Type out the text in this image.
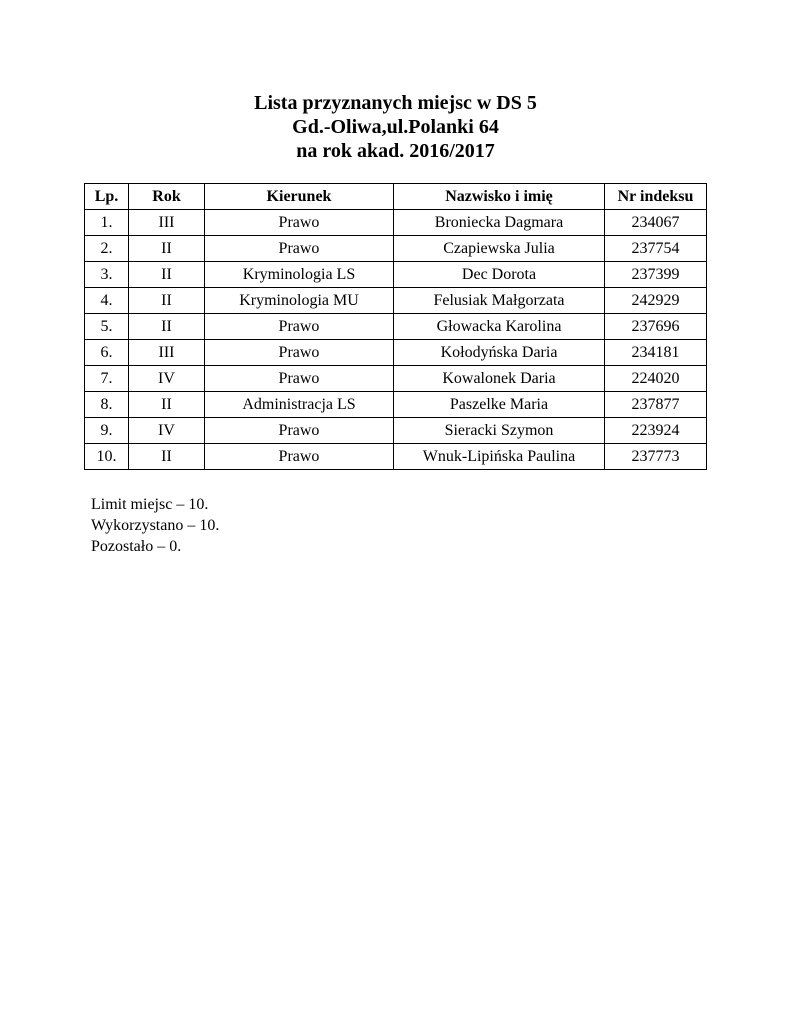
Lista przyznanych miejsc w DS 5
Gd.-Oliwa,ul.Polanki 64
na rok akad. 2016/2017
Lp.	Rok	Kierunek	Nazwisko i imię	Nr indeksu
1.	III	Prawo	Broniecka Dagmara	234067
2.	II	Prawo	Czapiewska Julia	237754
3.	II	Kryminologia LS	Dec Dorota	237399
4.	II	Kryminologia MU	Felusiak Małgorzata	242929
5.	II	Prawo	Głowacka Karolina	237696
6.	III	Prawo	Kołodyńska Daria	234181
7.	IV	Prawo	Kowalonek Daria	224020
8.	II	Administracja LS	Paszelke Maria	237877
9.	IV	Prawo	Sieracki Szymon	223924
10.	II	Prawo	Wnuk-Lipińska Paulina	237773
Limit miejsc – 10.
Wykorzystano – 10.
Pozostało – 0.
